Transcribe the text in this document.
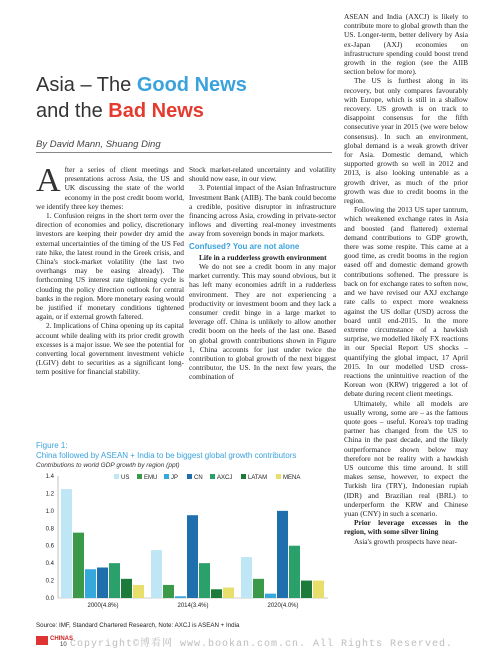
Asia – The Good News
and the Bad News
By David Mann, Shuang Ding

After a series of client meetings and presentations across Asia, the US and UK discussing the state of the world economy in the post credit boom world, we identify three key themes:

1. Confusion reigns in the short term over the direction of economies and policy, discretionary investors are keeping their powder dry amid the external uncertainties of the timing of the US Fed rate hike, the latest round in the Greek crisis, and China's stock-market volatility (the last two overhangs may be easing already). The forthcoming US interest rate tightening cycle is clouding the policy direction outlook for central banks in the region. More monetary easing would be justified if monetary conditions tightened again, or if external growth faltered.

2. Implications of China opening up its capital account while dealing with its prior credit growth excesses is a major issue. We see the potential for converting local government investment vehicle (LGIV) debt to securities as a significant long-term positive for financial stability.

Stock market-related uncertainty and volatility should now ease, in our view.

3. Potential impact of the Asian Infrastructure Investment Bank (AIIB). The bank could become a credible, positive disruptor in infrastructure financing across Asia, crowding in private-sector inflows and diverting real-money investments away from sovereign bonds in major markets.

Confused? You are not alone

Life in a rudderless growth environment

We do not see a credit boom in any major market currently. This may sound obvious, but it has left many economies adrift in a rudderless environment. They are not experiencing a productivity or investment boom and they lack a consumer credit binge in a large market to leverage off. China is unlikely to allow another credit boom on the heels of the last one. Based on global growth contributions shown in Figure 1, China accounts for just under twice the contribution to global growth of the next biggest contributor, the US. In the next few years, the combination of

ASEAN and India (AXCJ) is likely to contribute more to global growth than the US. Longer-term, better delivery by Asia ex-Japan (AXJ) economies on infrastructure spending could boost trend growth in the region (see the AIIB section below for more).

The US is furthest along in its recovery, but only compares favourably with Europe, which is still in a shallow recovery. US growth is on track to disappoint consensus for the fifth consecutive year in 2015 (we were below consensus). In such an environment, global demand is a weak growth driver for Asia. Domestic demand, which supported growth so well in 2012 and 2013, is also looking untenable as a growth driver, as much of the prior growth was due to credit booms in the region.

Following the 2013 US taper tantrum, which weakened exchange rates in Asia and boosted (and flattered) external demand contributions to GDP growth, there was some respite. This came at a good time, as credit booms in the region eased off and domestic demand growth contributions softened. The pressure is back on for exchange rates to soften now, and we have revised our AXJ exchange rate calls to expect more weakness against the US dollar (USD) across the board until end-2015. In the more extreme circumstance of a hawkish surprise, we modelled likely FX reactions in our Special Report US shocks – quantifying the global impact, 17 April 2015. In our modelled USD cross-reactions the unintuitive reaction of the Korean won (KRW) triggered a lot of debate during recent client meetings.

Ultimately, while all models are usually wrong, some are – as the famous quote goes – useful. Korea's top trading partner has changed from the US to China in the past decade, and the likely outperformance shown below may therefore not be reality with a hawkish US outcome this time around. It still makes sense, however, to expect the Turkish lira (TRY), Indonesian rupiah (IDR) and Brazilian real (BRL) to underperform the KRW and Chinese yuan (CNY) in such a scenario.

Prior leverage excesses in the region, with some silver lining

Asia's growth prospects have near-

Figure 1:
China followed by ASEAN + India to be biggest global growth contributors
Contributions to world GDP growth by region (ppt)
0.0
0.2
0.4
0.6
0.8
1.0
1.2
1.4
2000(4.8%)	2014(3.4%)	2020(4.0%)
US EMU JP	CN AXCJ	LATAM	MENA
Source: IMF, Standard Chartered Research, Note: AXCJ is ASEAN + India
CHINAS
10 Copyright©博看网 www.bookan.com.cn. All Rights Reserved.
